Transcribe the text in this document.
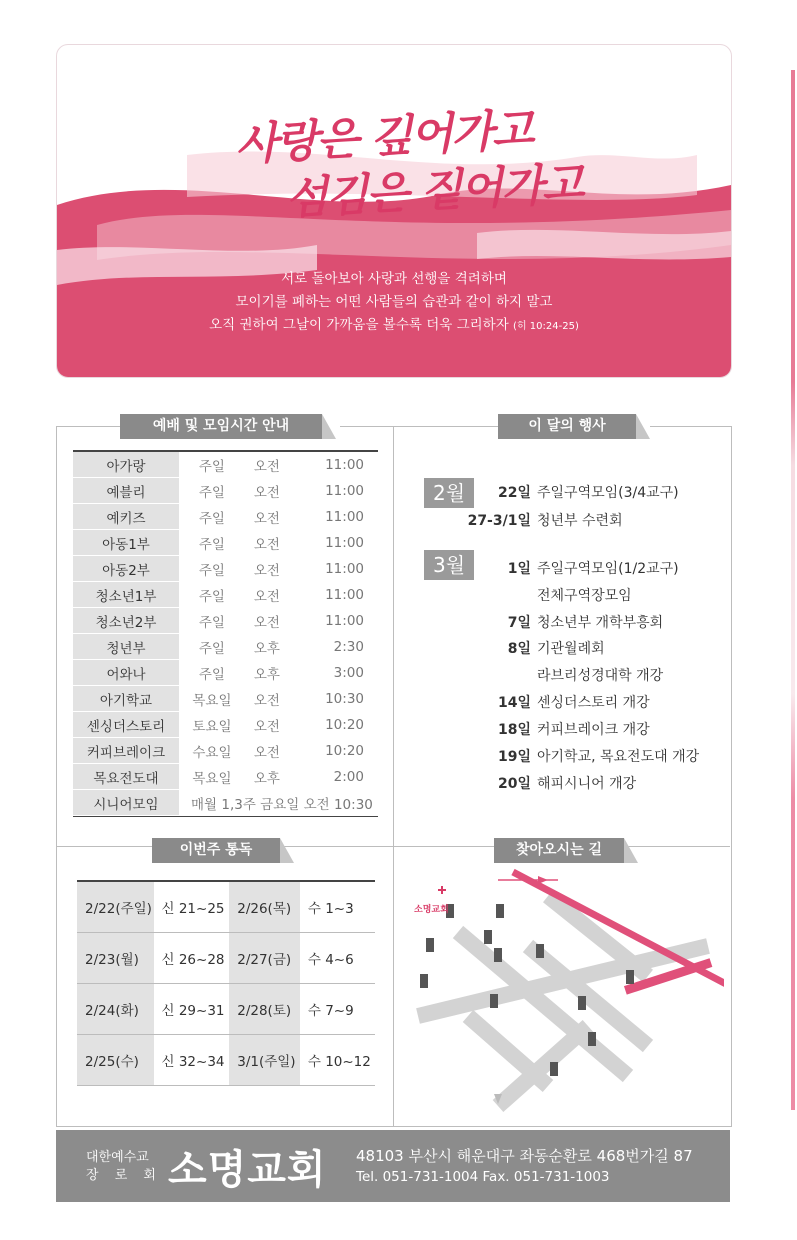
사랑은 깊어가고
섬김은 짙어가고
서로 돌아보아 사랑과 선행을 격려하며
모이기를 폐하는 어떤 사람들의 습관과 같이 하지 말고
오직 권하여 그날이 가까움을 볼수록 더욱 그리하자 (히 10:24-25)
예배 및 모임시간 안내
아가랑	주일	오전	11:00
예블리	주일	오전	11:00
예키즈	주일	오전	11:00
아동1부	주일	오전	11:00
아동2부	주일	오전	11:00
청소년1부	주일	오전	11:00
청소년2부	주일	오전	11:00
청년부	주일	오후	2:30
어와나	주일	오후	3:00
아기학교	목요일	오전	10:30
센싱더스토리	토요일	오전	10:20
커피브레이크	수요일	오전	10:20
목요전도대	목요일	오후	2:00
시니어모임	매월 1,3주 금요일 오전 10:30		

이 달의 행사
2월
3월
22일 주일구역모임(3/4교구)
27-3/1일 청년부 수련회
1일 주일구역모임(1/2교구)
전체구역장모임
7일 청소년부 개학부흥회
8일 기관월례회
라브리성경대학 개강
14일 센싱더스토리 개강
18일 커피브레이크 개강
19일 아기학교, 목요전도대 개강
20일 해피시니어 개강
이번주 통독
2/22(주일)	신 21~25	2/26(목)	수 1~3
2/23(월)	신 26~28	2/27(금)	수 4~6
2/24(화)	신 29~31	2/28(토)	수 7~9
2/25(수)	신 32~34	3/1(주일)	수 10~12

찾아오시는 길
소명교회
대한예수교
장 로 회 소명교회 48103 부산시 해운대구 좌동순환로 468번가길 87
Tel. 051-731-1004 Fax. 051-731-1003
